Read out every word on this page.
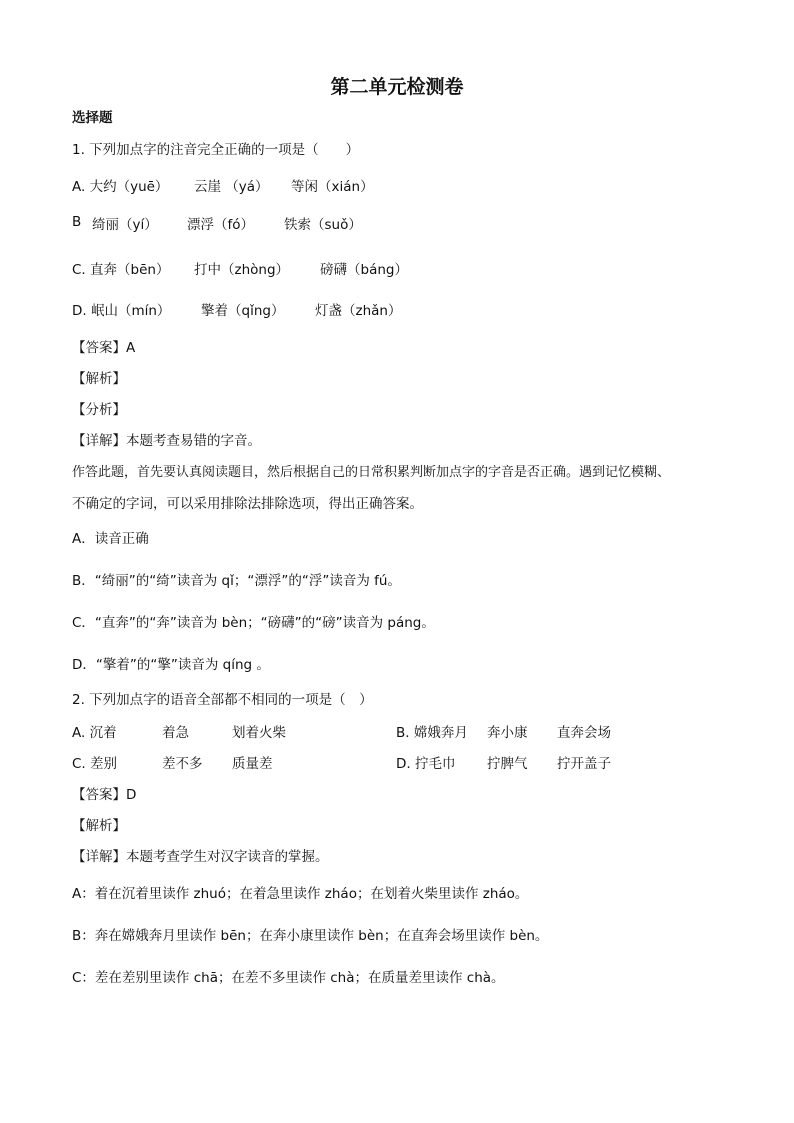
第二单元检测卷
选择题
1. 下列加点字的注音完全正确的一项是（　　）
A. 大约（yuē） 云崖 （yá） 等闲（xián）
B 绮丽（yí） 漂浮（fó） 铁索（suǒ）
C. 直奔（bēn） 打中（zhòng） 磅礴（báng）
D. 岷山（mín） 擎着（qǐng） 灯盏（zhǎn）
【答案】A
【解析】
【分析】
【详解】本题考查易错的字音。
作答此题，首先要认真阅读题目，然后根据自己的日常积累判断加点字的字音是否正确。遇到记忆模糊、
不确定的字词，可以采用排除法排除选项，得出正确答案。
A．读音正确
B．“绮丽”的“绮”读音为 qǐ；“漂浮”的“浮”读音为 fú。
C．“直奔”的“奔”读音为 bèn；“磅礴”的“磅”读音为 páng。
D．“擎着”的“擎”读音为 qíng 。
2. 下列加点字的语音全部都不相同的一项是（　）
A. 沉着	着急	划着火柴	B. 嫦娥奔月 奔小康 直奔会场
C. 差别	差不多 质量差	D. 拧毛巾 拧脾气 拧开盖子
【答案】D
【解析】
【详解】本题考查学生对汉字读音的掌握。
A：着在沉着里读作 zhuó；在着急里读作 zháo；在划着火柴里读作 zháo。
B：奔在嫦娥奔月里读作 bēn；在奔小康里读作 bèn；在直奔会场里读作 bèn。
C：差在差别里读作 chā；在差不多里读作 chà；在质量差里读作 chà。
